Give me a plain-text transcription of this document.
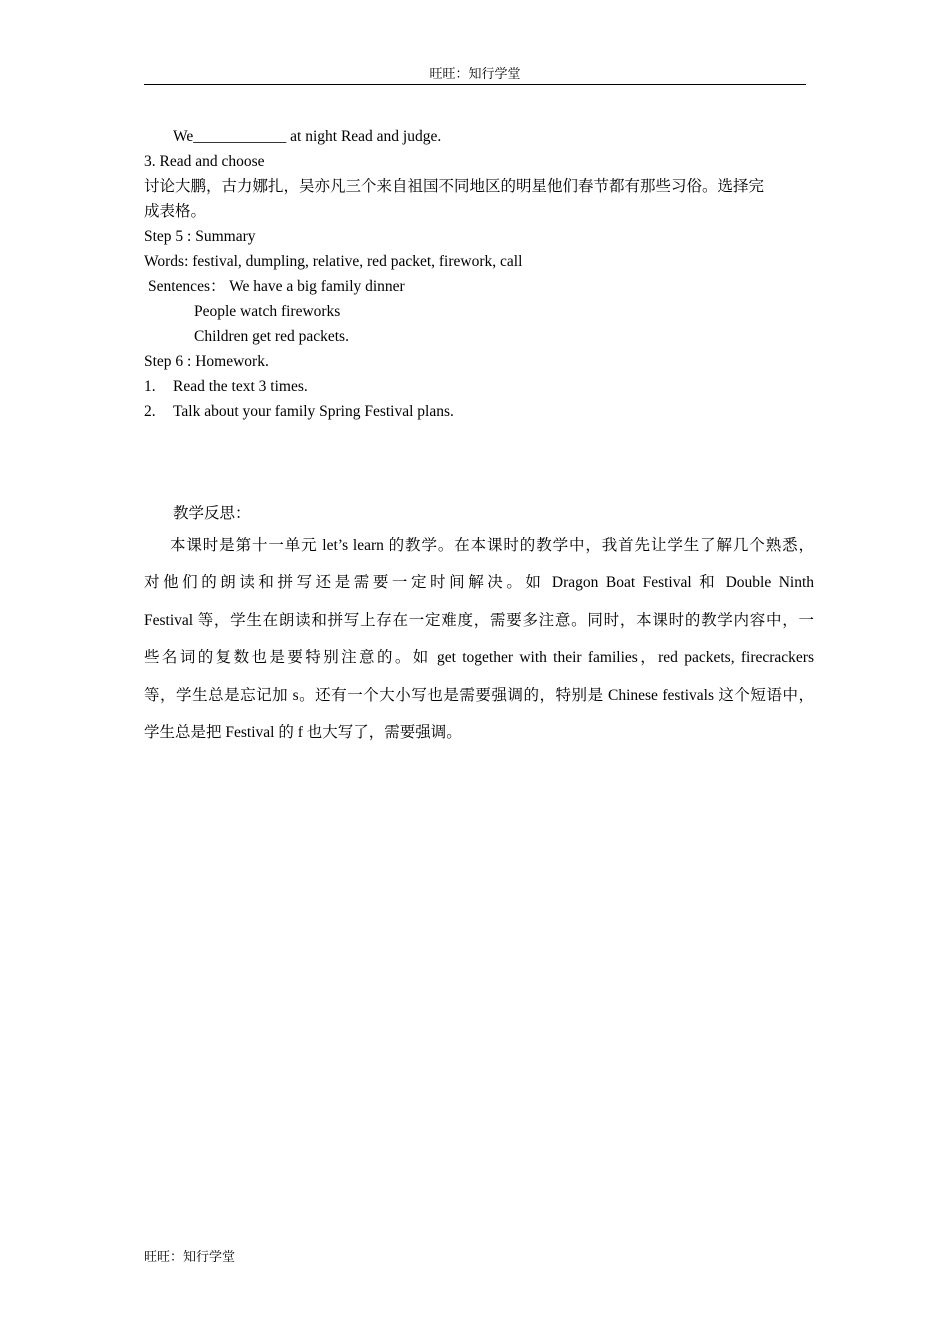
旺旺：知行学堂
We____________ at night Read and judge.
3. Read and choose
讨论大鹏，古力娜扎，吴亦凡三个来自祖国不同地区的明星他们春节都有那些习俗。选择完
成表格。
Step 5 : Summary
Words: festival, dumpling, relative, red packet, firework, call
Sentences： We have a big family dinner
People watch fireworks
Children get red packets.
Step 6 : Homework.
1. Read the text 3 times.
2. Talk about your family Spring Festival plans.
教学反思：
本课时是第十一单元 let’s learn 的教学。在本课时的教学中，我首先让学生了解几个熟悉，
对他们的朗读和拼写还是需要一定时间解决。如 Dragon Boat Festival 和 Double Ninth
Festival 等，学生在朗读和拼写上存在一定难度，需要多注意。同时，本课时的教学内容中，一
些名词的复数也是要特别注意的。如 get together with their families，red packets, firecrackers
等，学生总是忘记加 s。还有一个大小写也是需要强调的，特别是 Chinese festivals 这个短语中，
学生总是把 Festival 的 f 也大写了，需要强调。
旺旺：知行学堂
